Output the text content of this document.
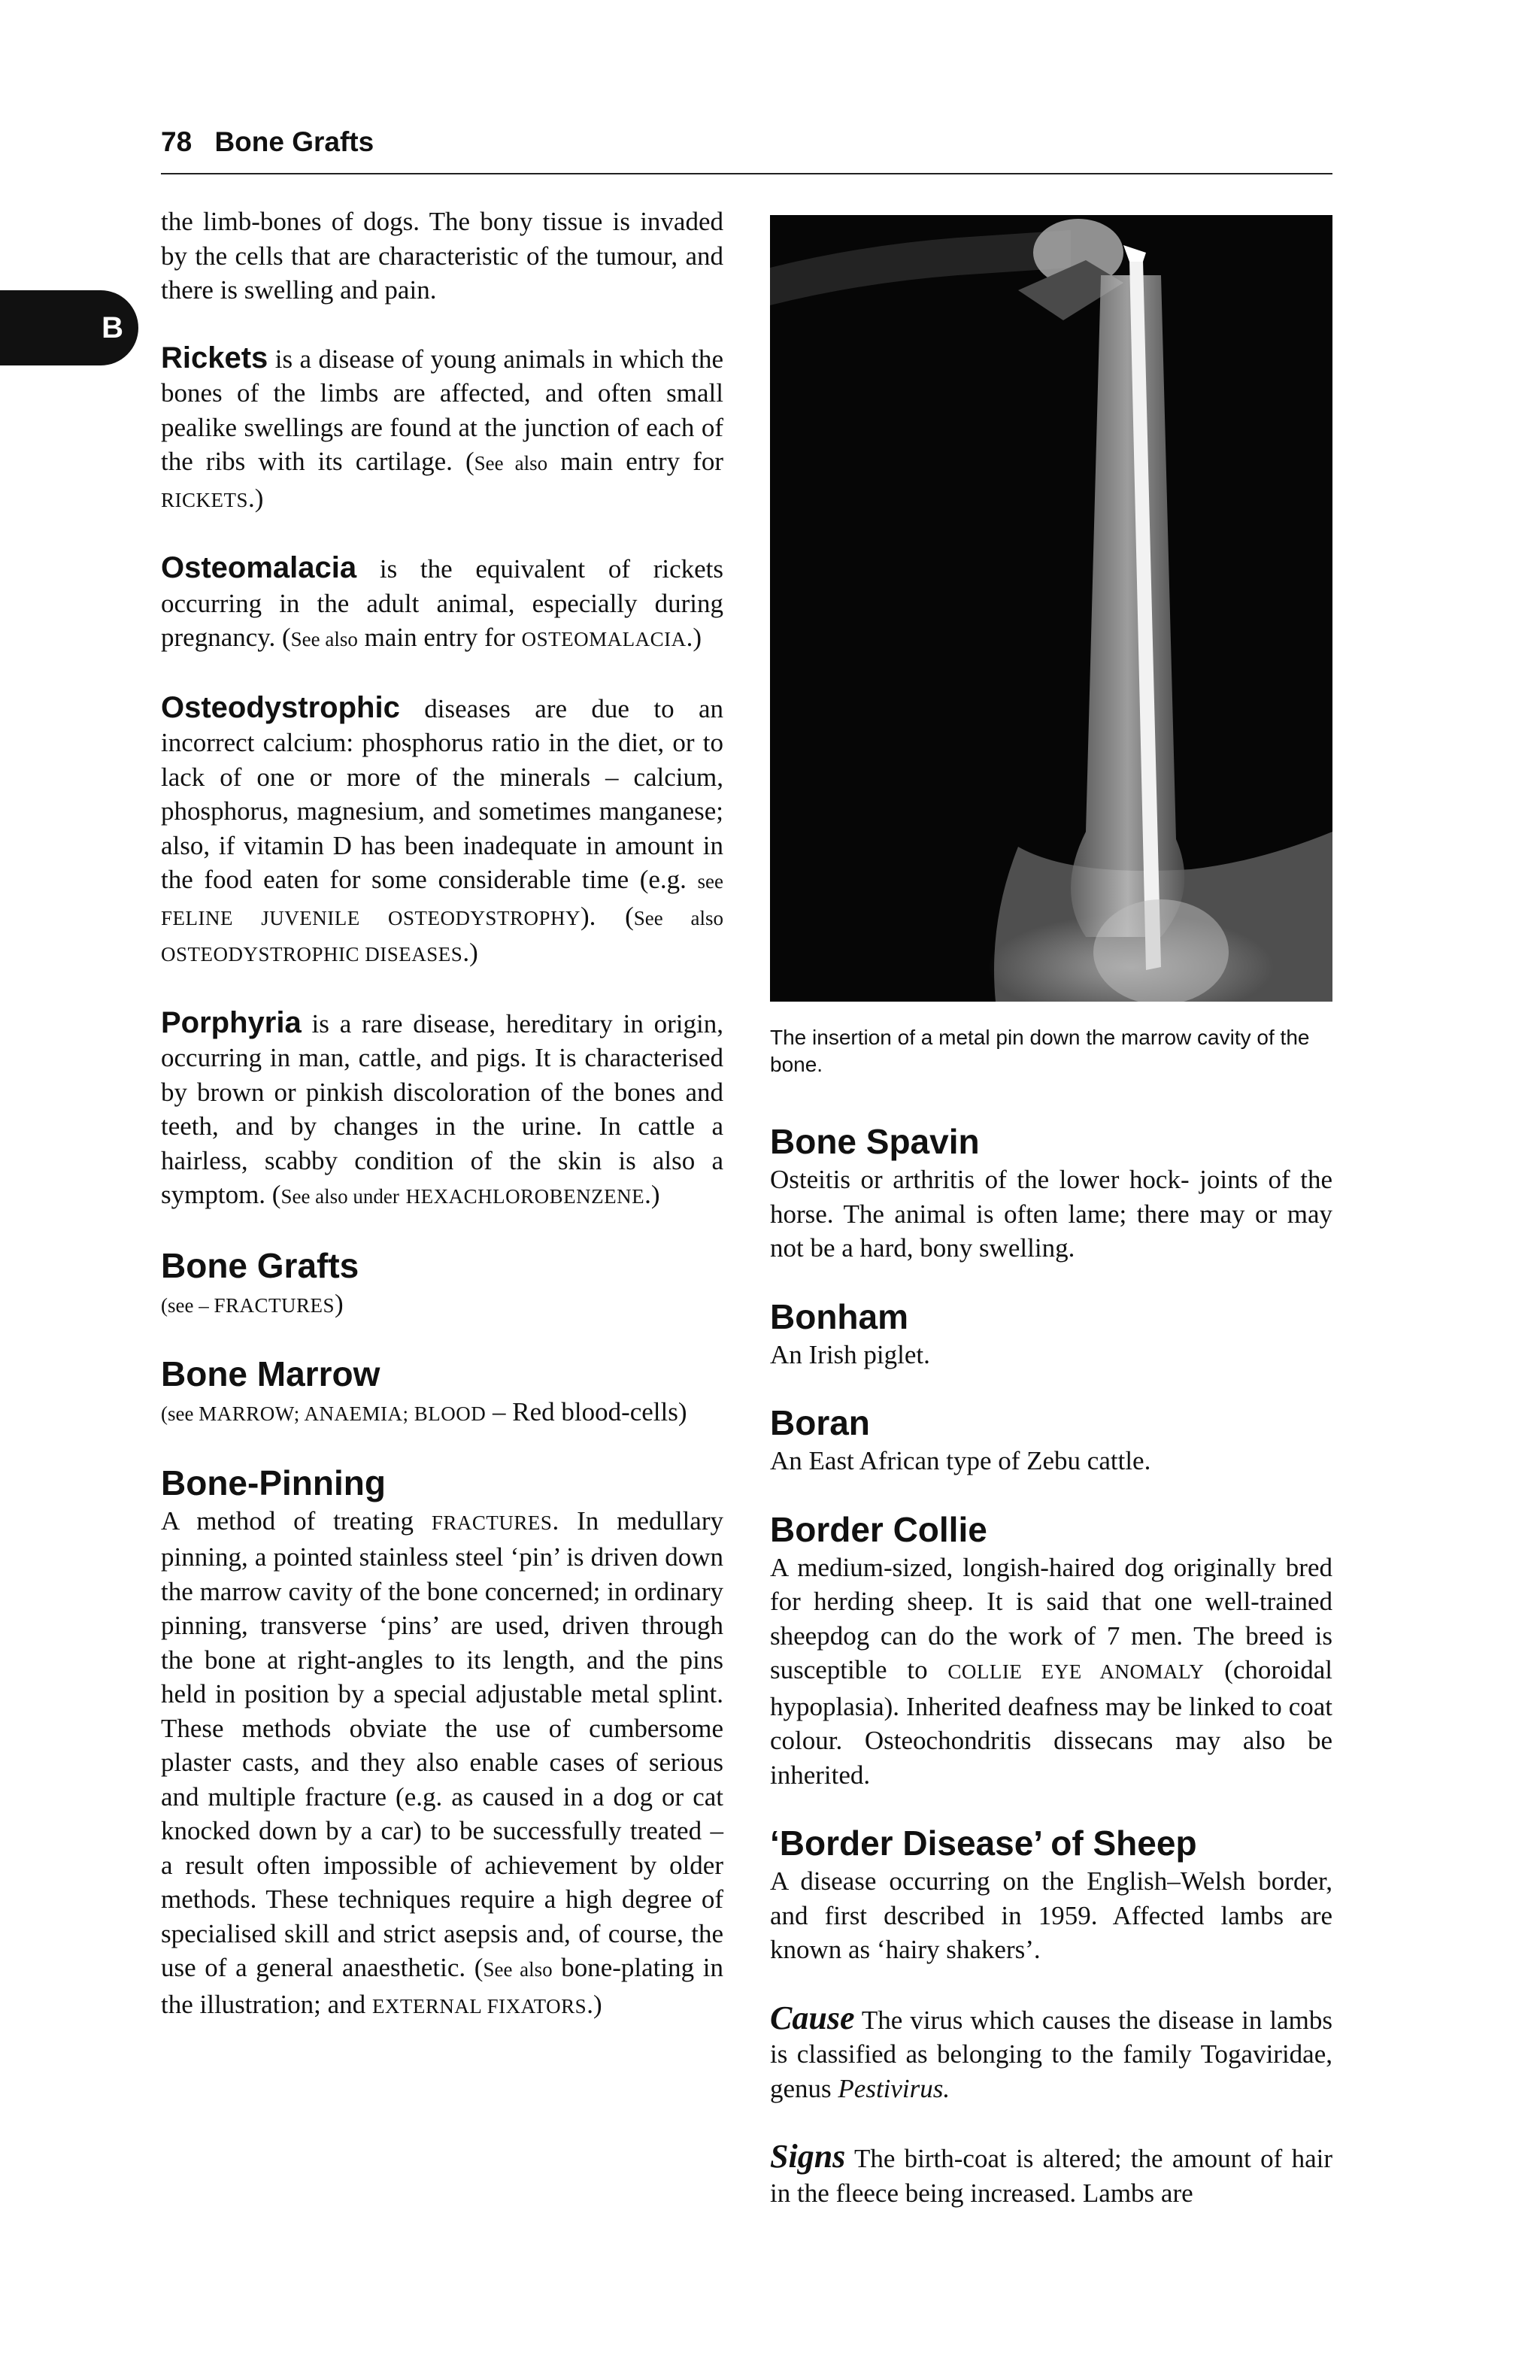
78 Bone Grafts
B

the limb-bones of dogs. The bony tissue is invaded by the cells that are characteristic of the tumour, and there is swelling and pain.

Rickets is a disease of young animals in which the bones of the limbs are affected, and often small pealike swellings are found at the junction of each of the ribs with its cartilage. (See also main entry for RICKETS.)

Osteomalacia is the equivalent of rickets occurring in the adult animal, especially during pregnancy. (See also main entry for OSTEOMALACIA.)

Osteodystrophic diseases are due to an incorrect calcium: phosphorus ratio in the diet, or to lack of one or more of the minerals – calcium, phosphorus, magnesium, and sometimes manganese; also, if vitamin D has been inadequate in amount in the food eaten for some considerable time (e.g. see FELINE JUVENILE OSTEODYSTROPHY). (See also OSTEODYSTROPHIC DISEASES.)

Porphyria is a rare disease, hereditary in origin, occurring in man, cattle, and pigs. It is characterised by brown or pinkish discoloration of the bones and teeth, and by changes in the urine. In cattle a hairless, scabby condition of the skin is also a symptom. (See also under HEXACHLOROBENZENE.)

Bone Grafts

(see – FRACTURES)

Bone Marrow

(see MARROW; ANAEMIA; BLOOD – Red blood-cells)

Bone-Pinning

A method of treating FRACTURES. In medullary pinning, a pointed stainless steel ‘pin’ is driven down the marrow cavity of the bone concerned; in ordinary pinning, transverse ‘pins’ are used, driven through the bone at right-angles to its length, and the pins held in position by a special adjustable metal splint. These methods obviate the use of cumbersome plaster casts, and they also enable cases of serious and multiple fracture (e.g. as caused in a dog or cat knocked down by a car) to be successfully treated – a result often impossible of achievement by older methods. These techniques require a high degree of specialised skill and strict asepsis and, of course, the use of a general anaesthetic. (See also bone-plating in the illustration; and EXTERNAL FIXATORS.)

The insertion of a metal pin down the marrow cavity of the bone.
Bone Spavin

Osteitis or arthritis of the lower hock- joints of the horse. The animal is often lame; there may or may not be a hard, bony swelling.

Bonham

An Irish piglet.

Boran

An East African type of Zebu cattle.

Border Collie

A medium-sized, longish-haired dog originally bred for herding sheep. It is said that one well-trained sheepdog can do the work of 7 men. The breed is susceptible to COLLIE EYE ANOMALY (choroidal hypoplasia). Inherited deafness may be linked to coat colour. Osteochondritis dissecans may also be inherited.

‘Border Disease’ of Sheep

A disease occurring on the English–Welsh border, and first described in 1959. Affected lambs are known as ‘hairy shakers’.

Cause The virus which causes the disease in lambs is classified as belonging to the family Togaviridae, genus Pestivirus.

Signs The birth-coat is altered; the amount of hair in the fleece being increased. Lambs are
